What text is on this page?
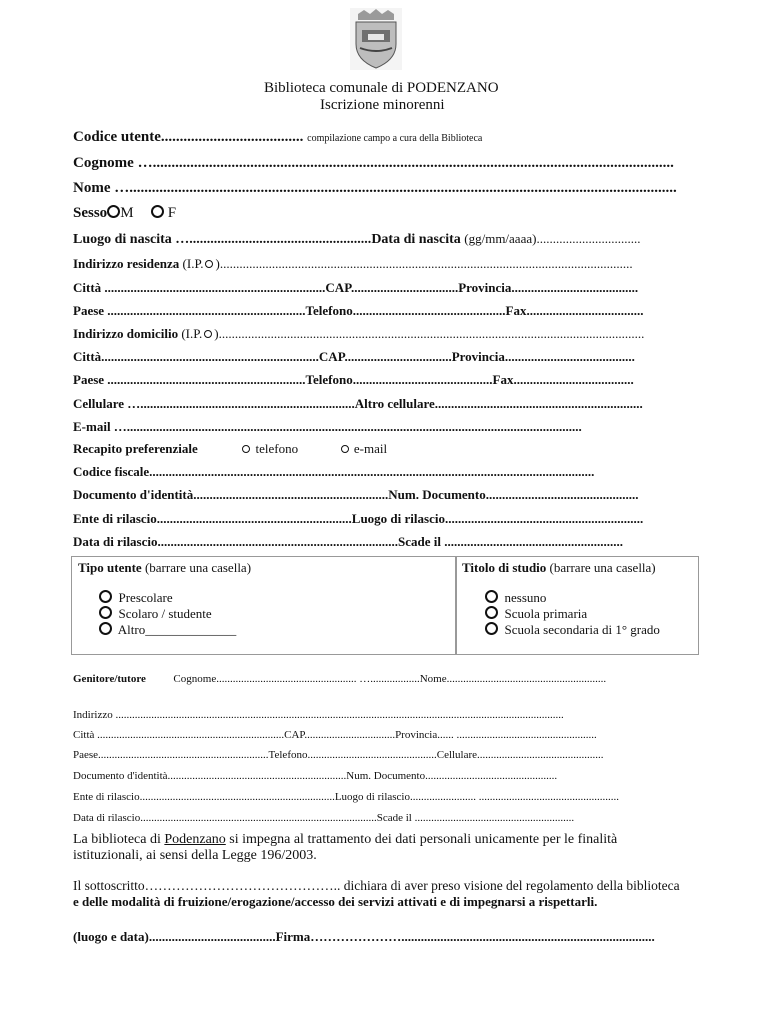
Biblioteca comunale di PODENZANO
Iscrizione minorenni
Codice utente...................................... compilazione campo a cura della Biblioteca
Cognome …...........................................................................................................................................
Nome …..................................................................................................................................................
Sesso M F
Luogo di nascita …....................................................Data di nascita (gg/mm/aaaa)................................
Indirizzo residenza (I.P. )...............................................................................................................................
Città ....................................................................CAP.................................Provincia.......................................
Paese .............................................................Telefono...............................................Fax....................................
Indirizzo domicilio (I.P. )...................................................................................................................................
Città...................................................................CAP.................................Provincia........................................
Paese .............................................................Telefono...........................................Fax.....................................
Cellulare …..................................................................Altro cellulare................................................................
E-mail …............................................................................................................................................
Recapito preferenziale	telefono	e-mail
Codice fiscale.........................................................................................................................................
Documento d'identità............................................................Num. Documento...............................................
Ente di rilascio............................................................Luogo di rilascio.............................................................
Data di rilascio..........................................................................Scade il .......................................................
Tipo utente (barrare una casella)	Titolo di studio (barrare una casella)
Prescolare
Scolaro / studente
Altro______________
nessuno
Scuola primaria
Scuola secondaria di 1° grado
Genitore/tutore	Cognome................................................... …..................Nome..........................................................
Indirizzo ...................................................................................................................................................................
Città ....................................................................CAP.................................Provincia...... ...................................................
Paese..............................................................Telefono...............................................Cellulare..............................................
Documento d'identità.................................................................Num. Documento................................................
Ente di rilascio.......................................................................Luogo di rilascio........................ ...................................................
Data di rilascio......................................................................................Scade il ..........................................................
La biblioteca di Podenzano si impegna al trattamento dei dati personali unicamente per le finalità
istituzionali, ai sensi della Legge 196/2003.
Il sottoscritto…………………………………….. dichiara di aver preso visione del regolamento della biblioteca
e delle modalità di fruizione/erogazione/accesso dei servizi attivati e di impegnarsi a rispettarli.
(luogo e data).......................................Firma…………………..............................................................................
